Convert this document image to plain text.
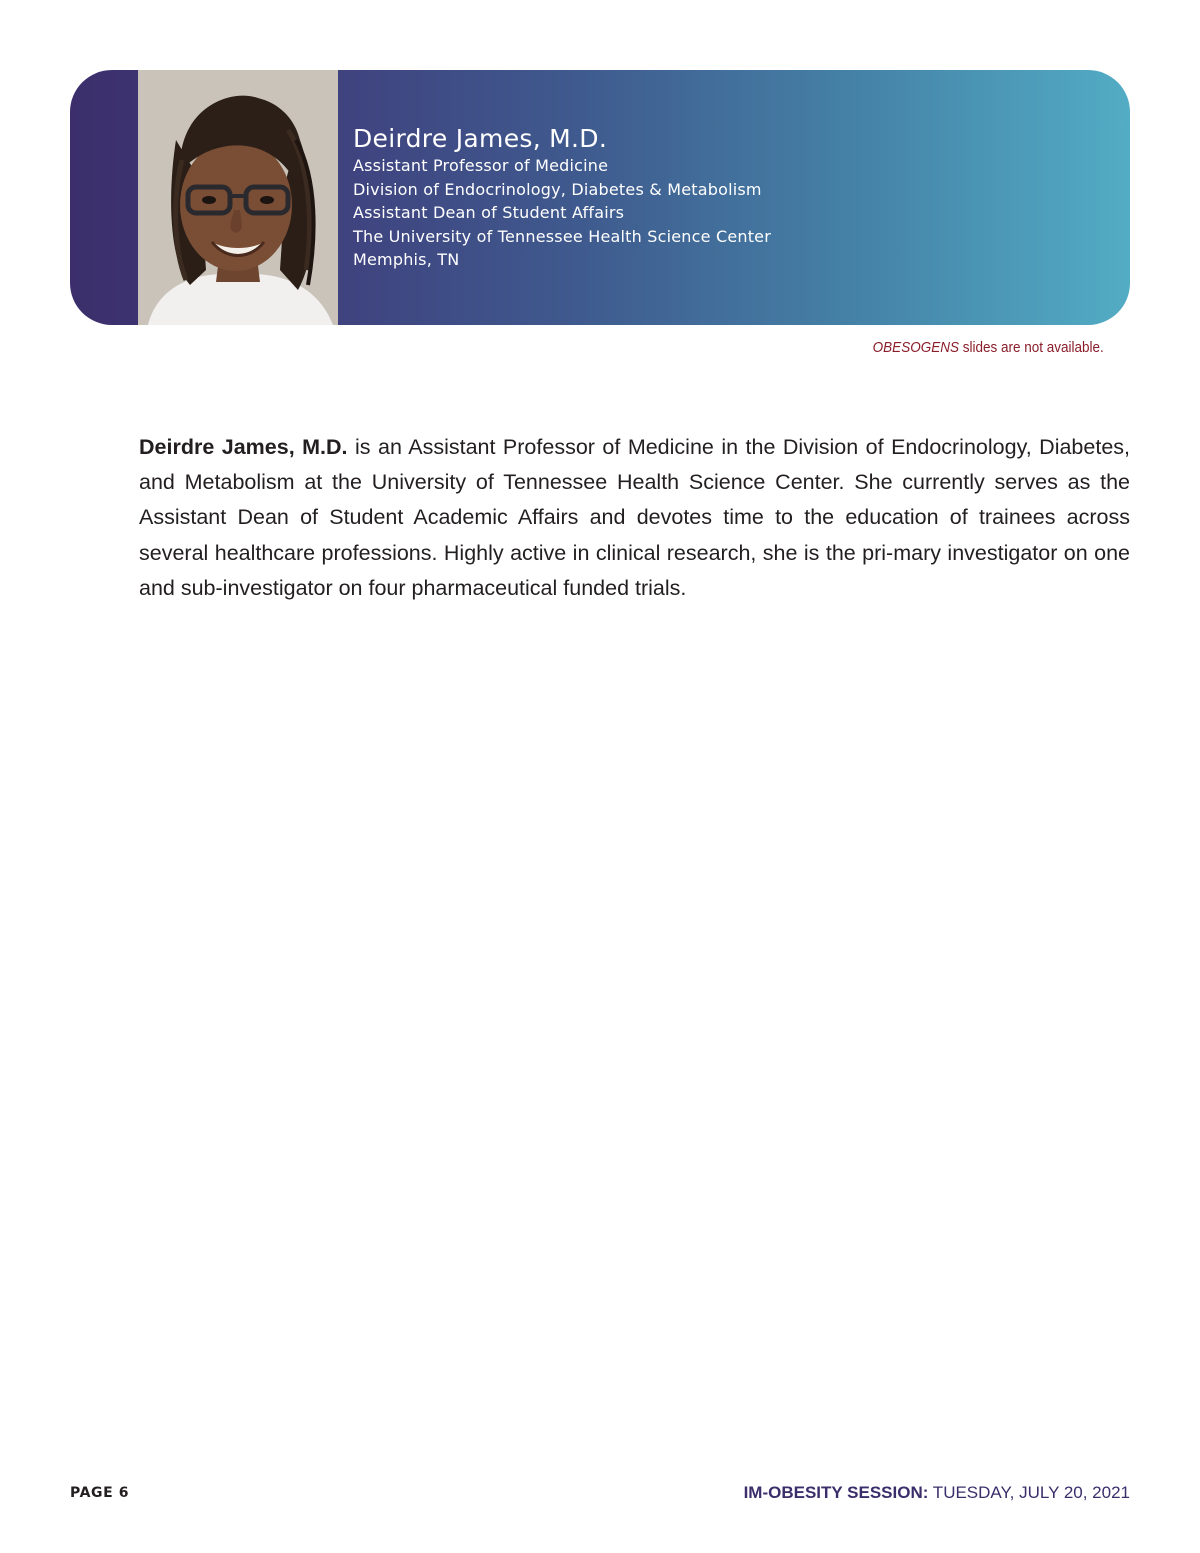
Deirdre James, M.D.
Assistant Professor of Medicine
Division of Endocrinology, Diabetes & Metabolism
Assistant Dean of Student Affairs
The University of Tennessee Health Science Center
Memphis, TN
OBESOGENS slides are not available.

Deirdre James, M.D. is an Assistant Professor of Medicine in the Division of Endocrinology, Diabetes, and Metabolism at the University of Tennessee Health Science Center. She currently serves as the Assistant Dean of Student Academic Affairs and devotes time to the education of trainees across several healthcare professions. Highly active in clinical research, she is the pri-mary investigator on one and sub-investigator on four pharmaceutical funded trials.

PAGE 6	IM-OBESITY SESSION: TUESDAY, JULY 20, 2021
